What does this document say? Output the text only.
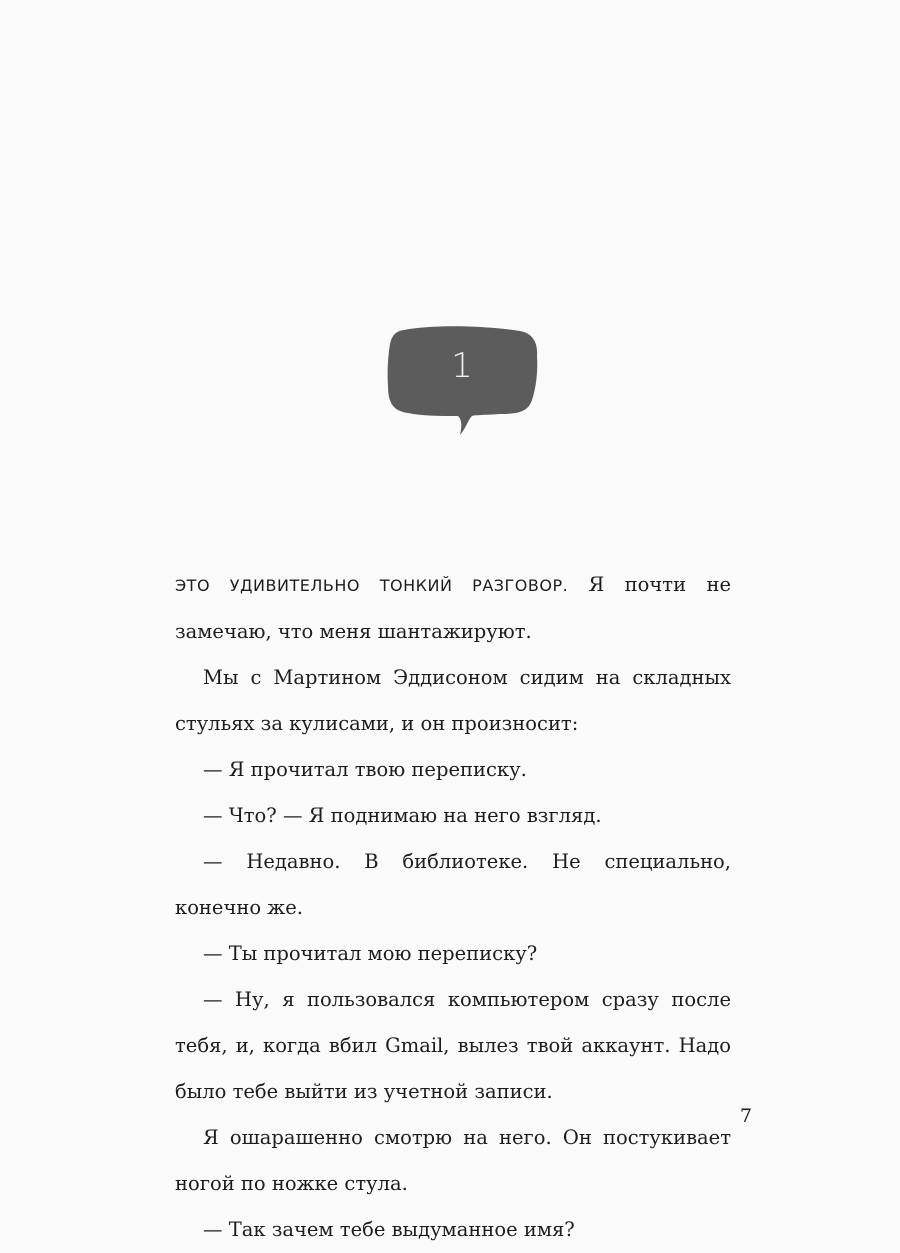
1

ЭТО УДИВИТЕЛЬНО ТОНКИЙ РАЗГОВОР. Я почти не замечаю, что меня шантажируют.

Мы с Мартином Эддисоном сидим на складных стульях за кулисами, и он произносит:

— Я прочитал твою переписку.

— Что? — Я поднимаю на него взгляд.

— Недавно. В библиотеке. Не специально, конечно же.

— Ты прочитал мою переписку?

— Ну, я пользовался компьютером сразу после тебя, и, когда вбил Gmail, вылез твой аккаунт. Надо было тебе выйти из учетной записи.

Я ошарашенно смотрю на него. Он постукивает ногой по ножке стула.

— Так зачем тебе выдуманное имя?

7
